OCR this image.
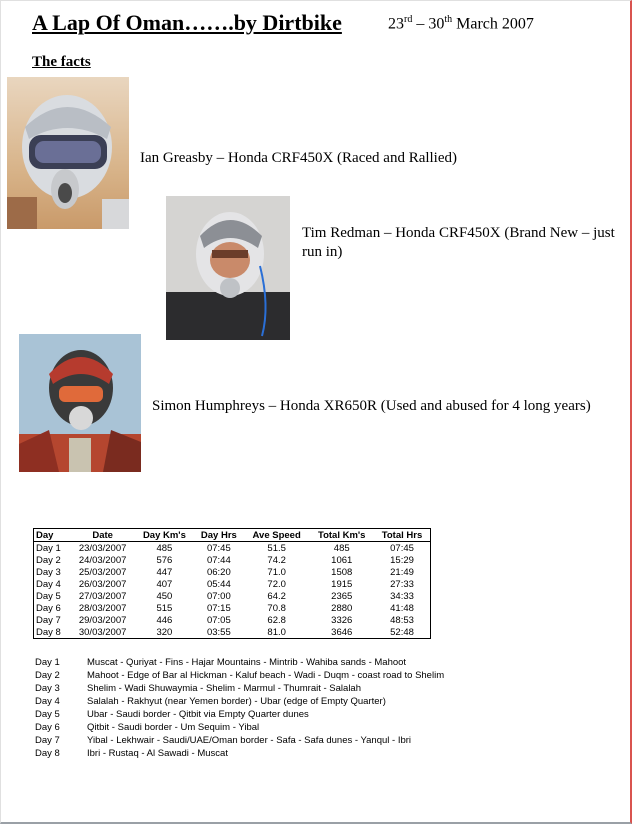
A Lap Of Oman…….by Dirtbike	23rd – 30th March 2007
The facts
Ian Greasby – Honda CRF450X (Raced and Rallied)
Tim Redman – Honda CRF450X (Brand New – just run in)
Simon Humphreys – Honda XR650R (Used and abused for 4 long years)
Day	Date	Day Km's	Day Hrs	Ave Speed	Total Km's	Total Hrs
Day 1	23/03/2007	485	07:45	51.5	485	07:45
Day 2	24/03/2007	576	07:44	74.2	1061	15:29
Day 3	25/03/2007	447	06:20	71.0	1508	21:49
Day 4	26/03/2007	407	05:44	72.0	1915	27:33
Day 5	27/03/2007	450	07:00	64.2	2365	34:33
Day 6	28/03/2007	515	07:15	70.8	2880	41:48
Day 7	29/03/2007	446	07:05	62.8	3326	48:53
Day 8	30/03/2007	320	03:55	81.0	3646	52:48
Day 1	Muscat - Quriyat - Fins - Hajar Mountains - Mintrib - Wahiba sands - Mahoot
Day 2	Mahoot - Edge of Bar al Hickman - Kaluf beach - Wadi - Duqm - coast road to Shelim
Day 3	Shelim - Wadi Shuwaymia - Shelim - Marmul - Thumrait - Salalah
Day 4	Salalah - Rakhyut (near Yemen border) - Ubar (edge of Empty Quarter)
Day 5	Ubar - Saudi border - Qitbit via Empty Quarter dunes
Day 6	Qitbit - Saudi border - Um Sequim - Yibal
Day 7	Yibal - Lekhwair - Saudi/UAE/Oman border - Safa - Safa dunes - Yanqul - Ibri
Day 8	Ibri - Rustaq - Al Sawadi - Muscat
